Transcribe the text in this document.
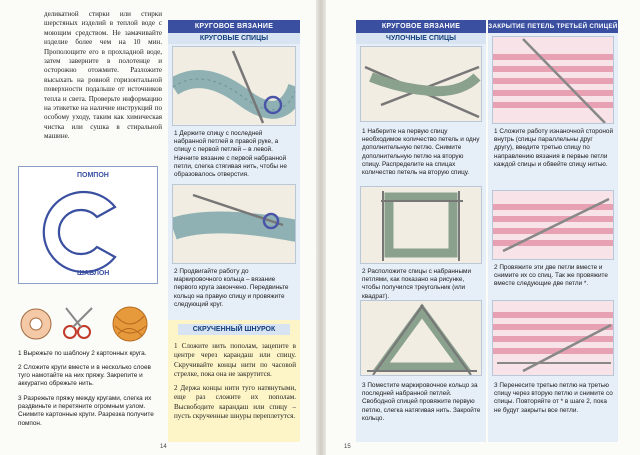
деликатной стирки или стирки шерстяных изделий в теплой воде с моющим средством. Не замачивайте изделие более чем на 10 мин. Прополощите его в прохладной воде, затем заверните в полотенце и осторожно отожмите. Разложите высыхать на ровной горизонтальной поверхности подальше от источников тепла и света. Проверьте информацию на этикетке на наличие инструкций по особому уходу, таким как химическая чистка или сушка в стиральной машине.
ПОМПОН
ШАБЛОН
1 Вырежьте по шаблону 2 картонных круга.
2 Сложите круги вместе и в несколько слоев туго намотайте на них пряжу. Закрепите и аккуратно обрежьте нить.
3 Разрежьте пряжу между кругами, слегка их раздвиньте и перетяните огромным узлом. Снимите картонные круги. Разрезка получите помпон.
КРУГОВОЕ ВЯЗАНИЕ
КРУГОВЫЕ СПИЦЫ
1 Держите спицу с последней набранной петлей в правой руке, а спицу с первой петлей – в левой. Начните вязание с первой набранной петли, слегка стягивая нить, чтобы не образовалось отверстия.
2 Продвигайте работу до маркировочного кольца – вязание первого круга закончено. Передвиньте кольцо на правую спицу и провяжите следующий круг.
СКРУЧЕННЫЙ ШНУРОК
1 Сложите нить пополам, зацепите в центре через карандаш или спицу. Скручивайте концы нити по часовой стрелке, пока она не закрутится.
2 Держа концы нити туго натянутыми, еще раз сложите их пополам. Высвободите карандаш или спицу – пусть скрученные шнуры переплетутся.
14
КРУГОВОЕ ВЯЗАНИЕ
ЧУЛОЧНЫЕ СПИЦЫ
1 Наберите на первую спицу необходимое количество петель и одну дополнительную петлю. Снимите дополнительную петлю на вторую спицу. Распределите на спицах количество петель на вторую спицу.
2 Расположите спицы с набранными петлями, как показано на рисунке, чтобы получился треугольник (или квадрат).
3 Поместите маркировочное кольцо за последней набранной петлей. Свободной спицей провяжите первую петлю, слегка натягивая нить. Закройте кольцо.
ЗАКРЫТИЕ ПЕТЕЛЬ ТРЕТЬЕЙ СПИЦЕЙ
1 Сложите работу изнаночной стороной внутрь (спицы параллельны друг другу), введите третью спицу по направлению вязания в первые петли каждой спицы и обвейте спицу нитью.
2 Провяжите эти две петли вместе и снимите их со спиц. Так же провяжите вместе следующие две петли *.
3 Перенесите третью петлю на третью спицу через вторую петлю и снимите со спицы. Повторяйте от * в шаге 2, пока не будут закрыты все петли.
15
